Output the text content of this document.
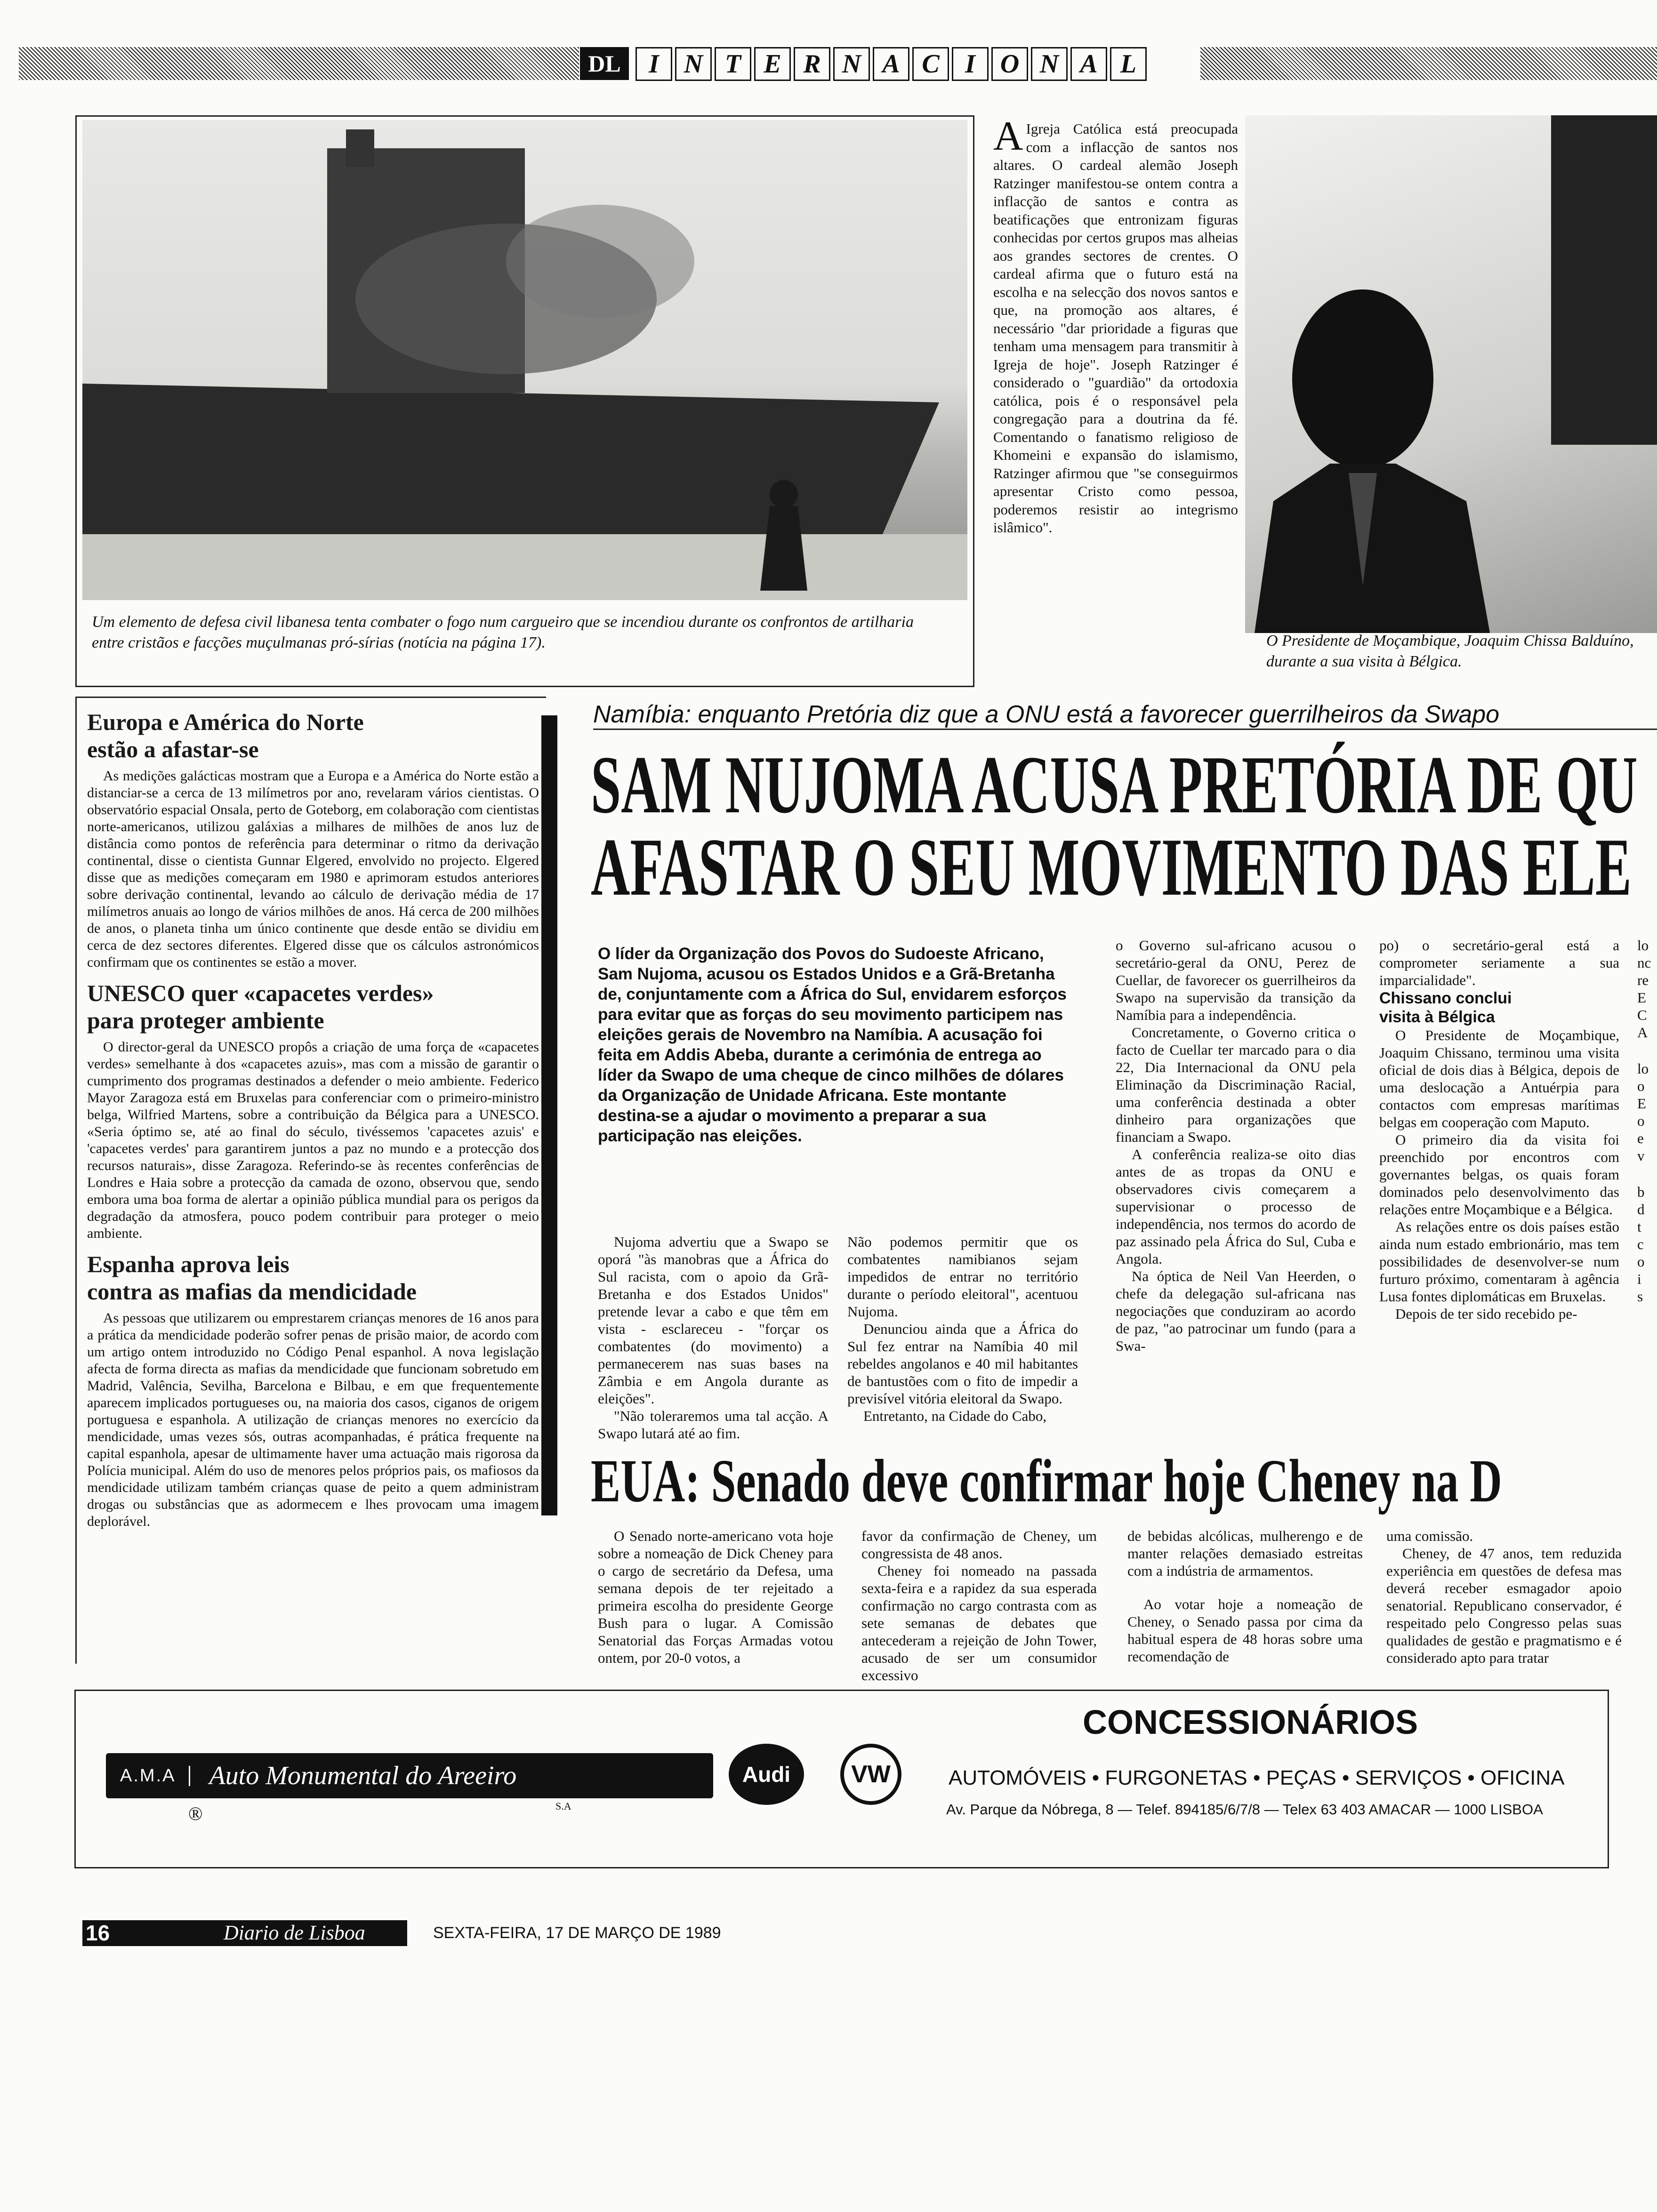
DL	I N T E R N A C I O N A L
Um elemento de defesa civil libanesa tenta combater o fogo num cargueiro que se incendiou durante os confrontos de artilharia entre cristãos e facções muçulmanas pró-sírias (notícia na página 17).
A Igreja Católica está preocupada com a inflacção de santos nos altares. O cardeal alemão Joseph Ratzinger manifestou-se ontem contra a inflacção de santos e contra as beatificações que entronizam figuras conhecidas por certos grupos mas alheias aos grandes sectores de crentes. O cardeal afirma que o futuro está na escolha e na selecção dos novos santos e que, na promoção aos altares, é necessário "dar prioridade a figuras que tenham uma mensagem para transmitir à Igreja de hoje". Joseph Ratzinger é considerado o "guardião" da ortodoxia católica, pois é o responsável pela congregação para a doutrina da fé. Comentando o fanatismo religioso de Khomeini e expansão do islamismo, Ratzinger afirmou que "se conseguirmos apresentar Cristo como pessoa, poderemos resistir ao integrismo islâmico".
O Presidente de Moçambique, Joaquim Chissa Balduíno, durante a sua visita à Bélgica.
Europa e América do Norte
estão a afastar-se

As medições galácticas mostram que a Europa e a América do Norte estão a distanciar-se a cerca de 13 milímetros por ano, revelaram vários cientistas. O observatório espacial Onsala, perto de Goteborg, em colaboração com cientistas norte-americanos, utilizou galáxias a milhares de milhões de anos luz de distância como pontos de referência para determinar o ritmo da derivação continental, disse o cientista Gunnar Elgered, envolvido no projecto. Elgered disse que as medições começaram em 1980 e aprimoram estudos anteriores sobre derivação continental, levando ao cálculo de derivação média de 17 milímetros anuais ao longo de vários milhões de anos. Há cerca de 200 milhões de anos, o planeta tinha um único continente que desde então se dividiu em cerca de dez sectores diferentes. Elgered disse que os cálculos astronómicos confirmam que os continentes se estão a mover.

UNESCO quer «capacetes verdes»
para proteger ambiente

O director-geral da UNESCO propôs a criação de uma força de «capacetes verdes» semelhante à dos «capacetes azuis», mas com a missão de garantir o cumprimento dos programas destinados a defender o meio ambiente. Federico Mayor Zaragoza está em Bruxelas para conferenciar com o primeiro-ministro belga, Wilfried Martens, sobre a contribuição da Bélgica para a UNESCO. «Seria óptimo se, até ao final do século, tivéssemos 'capacetes azuis' e 'capacetes verdes' para garantirem juntos a paz no mundo e a protecção dos recursos naturais», disse Zaragoza. Referindo-se às recentes conferências de Londres e Haia sobre a protecção da camada de ozono, observou que, sendo embora uma boa forma de alertar a opinião pública mundial para os perigos da degradação da atmosfera, pouco podem contribuir para proteger o meio ambiente.

Espanha aprova leis
contra as mafias da mendicidade

As pessoas que utilizarem ou emprestarem crianças menores de 16 anos para a prática da mendicidade poderão sofrer penas de prisão maior, de acordo com um artigo ontem introduzido no Código Penal espanhol. A nova legislação afecta de forma directa as mafias da mendicidade que funcionam sobretudo em Madrid, Valência, Sevilha, Barcelona e Bilbau, e em que frequentemente aparecem implicados portugueses ou, na maioria dos casos, ciganos de origem portuguesa e espanhola. A utilização de crianças menores no exercício da mendicidade, umas vezes sós, outras acompanhadas, é prática frequente na capital espanhola, apesar de ultimamente haver uma actuação mais rigorosa da Polícia municipal. Além do uso de menores pelos próprios pais, os mafiosos da mendicidade utilizam também crianças quase de peito a quem administram drogas ou substâncias que as adormecem e lhes provocam uma imagem deplorável.

Namíbia: enquanto Pretória diz que a ONU está a favorecer guerrilheiros da Swapo
SAM NUJOMA ACUSA PRETÓRIA DE QU
AFASTAR O SEU MOVIMENTO DAS ELE
O líder da Organização dos Povos do Sudoeste Africano, Sam Nujoma, acusou os Estados Unidos e a Grã-Bretanha de, conjuntamente com a África do Sul, envidarem esforços para evitar que as forças do seu movimento participem nas eleições gerais de Novembro na Namíbia. A acusação foi feita em Addis Abeba, durante a cerimónia de entrega ao líder da Swapo de uma cheque de cinco milhões de dólares da Organização de Unidade Africana. Este montante destina-se a ajudar o movimento a preparar a sua participação nas eleições.

Nujoma advertiu que a Swapo se oporá "às manobras que a África do Sul racista, com o apoio da Grã-Bretanha e dos Estados Unidos" pretende levar a cabo e que têm em vista - esclareceu - "forçar os combatentes (do movimento) a permanecerem nas suas bases na Zâmbia e em Angola durante as eleições".

"Não toleraremos uma tal acção. A Swapo lutará até ao fim.

Não podemos permitir que os combatentes namibianos sejam impedidos de entrar no território durante o período eleitoral", acentuou Nujoma.

Denunciou ainda que a África do Sul fez entrar na Namíbia 40 mil rebeldes angolanos e 40 mil habitantes de bantustões com o fito de impedir a previsível vitória eleitoral da Swapo.

Entretanto, na Cidade do Cabo,

o Governo sul-africano acusou o secretário-geral da ONU, Perez de Cuellar, de favorecer os guerrilheiros da Swapo na supervisão da transição da Namíbia para a independência.

Concretamente, o Governo critica o facto de Cuellar ter marcado para o dia 22, Dia Internacional da ONU pela Eliminação da Discriminação Racial, uma conferência destinada a obter dinheiro para organizações que financiam a Swapo.

A conferência realiza-se oito dias antes de as tropas da ONU e observadores civis começarem a supervisionar o processo de independência, nos termos do acordo de paz assinado pela África do Sul, Cuba e Angola.

Na óptica de Neil Van Heerden, o chefe da delegação sul-africana nas negociações que conduziram ao acordo de paz, "ao patrocinar um fundo (para a Swa-

po) o secretário-geral está a comprometer seriamente a sua imparcialidade".

Chissano conclui
visita à Bélgica

O Presidente de Moçambique, Joaquim Chissano, terminou uma visita oficial de dois dias à Bélgica, depois de uma deslocação a Antuérpia para contactos com empresas marítimas belgas em cooperação com Maputo.

O primeiro dia da visita foi preenchido por encontros com governantes belgas, os quais foram dominados pelo desenvolvimento das relações entre Moçambique e a Bélgica.

As relações entre os dois países estão ainda num estado embrionário, mas tem possibilidades de desenvolver-se num furturo próximo, comentaram à agência Lusa fontes diplomáticas em Bruxelas.

Depois de ter sido recebido pe-

lo
nc
re
E
C
A
lo
o
E
o
e
v
b
d
t
c
o
i
s
EUA: Senado deve confirmar hoje Cheney na D

O Senado norte-americano vota hoje sobre a nomeação de Dick Cheney para o cargo de secretário da Defesa, uma semana depois de ter rejeitado a primeira escolha do presidente George Bush para o lugar. A Comissão Senatorial das Forças Armadas votou ontem, por 20-0 votos, a

favor da confirmação de Cheney, um congressista de 48 anos.

Cheney foi nomeado na passada sexta-feira e a rapidez da sua esperada confirmação no cargo contrasta com as sete semanas de debates que antecederam a rejeição de John Tower, acusado de ser um consumidor excessivo

de bebidas alcólicas, mulherengo e de manter relações demasiado estreitas com a indústria de armamentos.

Ao votar hoje a nomeação de Cheney, o Senado passa por cima da habitual espera de 48 horas sobre uma recomendação de

uma comissão.

Cheney, de 47 anos, tem reduzida experiência em questões de defesa mas deverá receber esmagador apoio senatorial. Republicano conservador, é respeitado pelo Congresso pelas suas qualidades de gestão e pragmatismo e é considerado apto para tratar

A.M.A	Auto Monumental do Areeiro
S.A
®
Audi	VW
CONCESSIONÁRIOS
AUTOMÓVEIS • FURGONETAS • PEÇAS • SERVIÇOS • OFICINA
Av. Parque da Nóbrega, 8 — Telef. 894185/6/7/8 — Telex 63 403 AMACAR — 1000 LISBOA
16	Diario de Lisboa	SEXTA-FEIRA, 17 DE MARÇO DE 1989
